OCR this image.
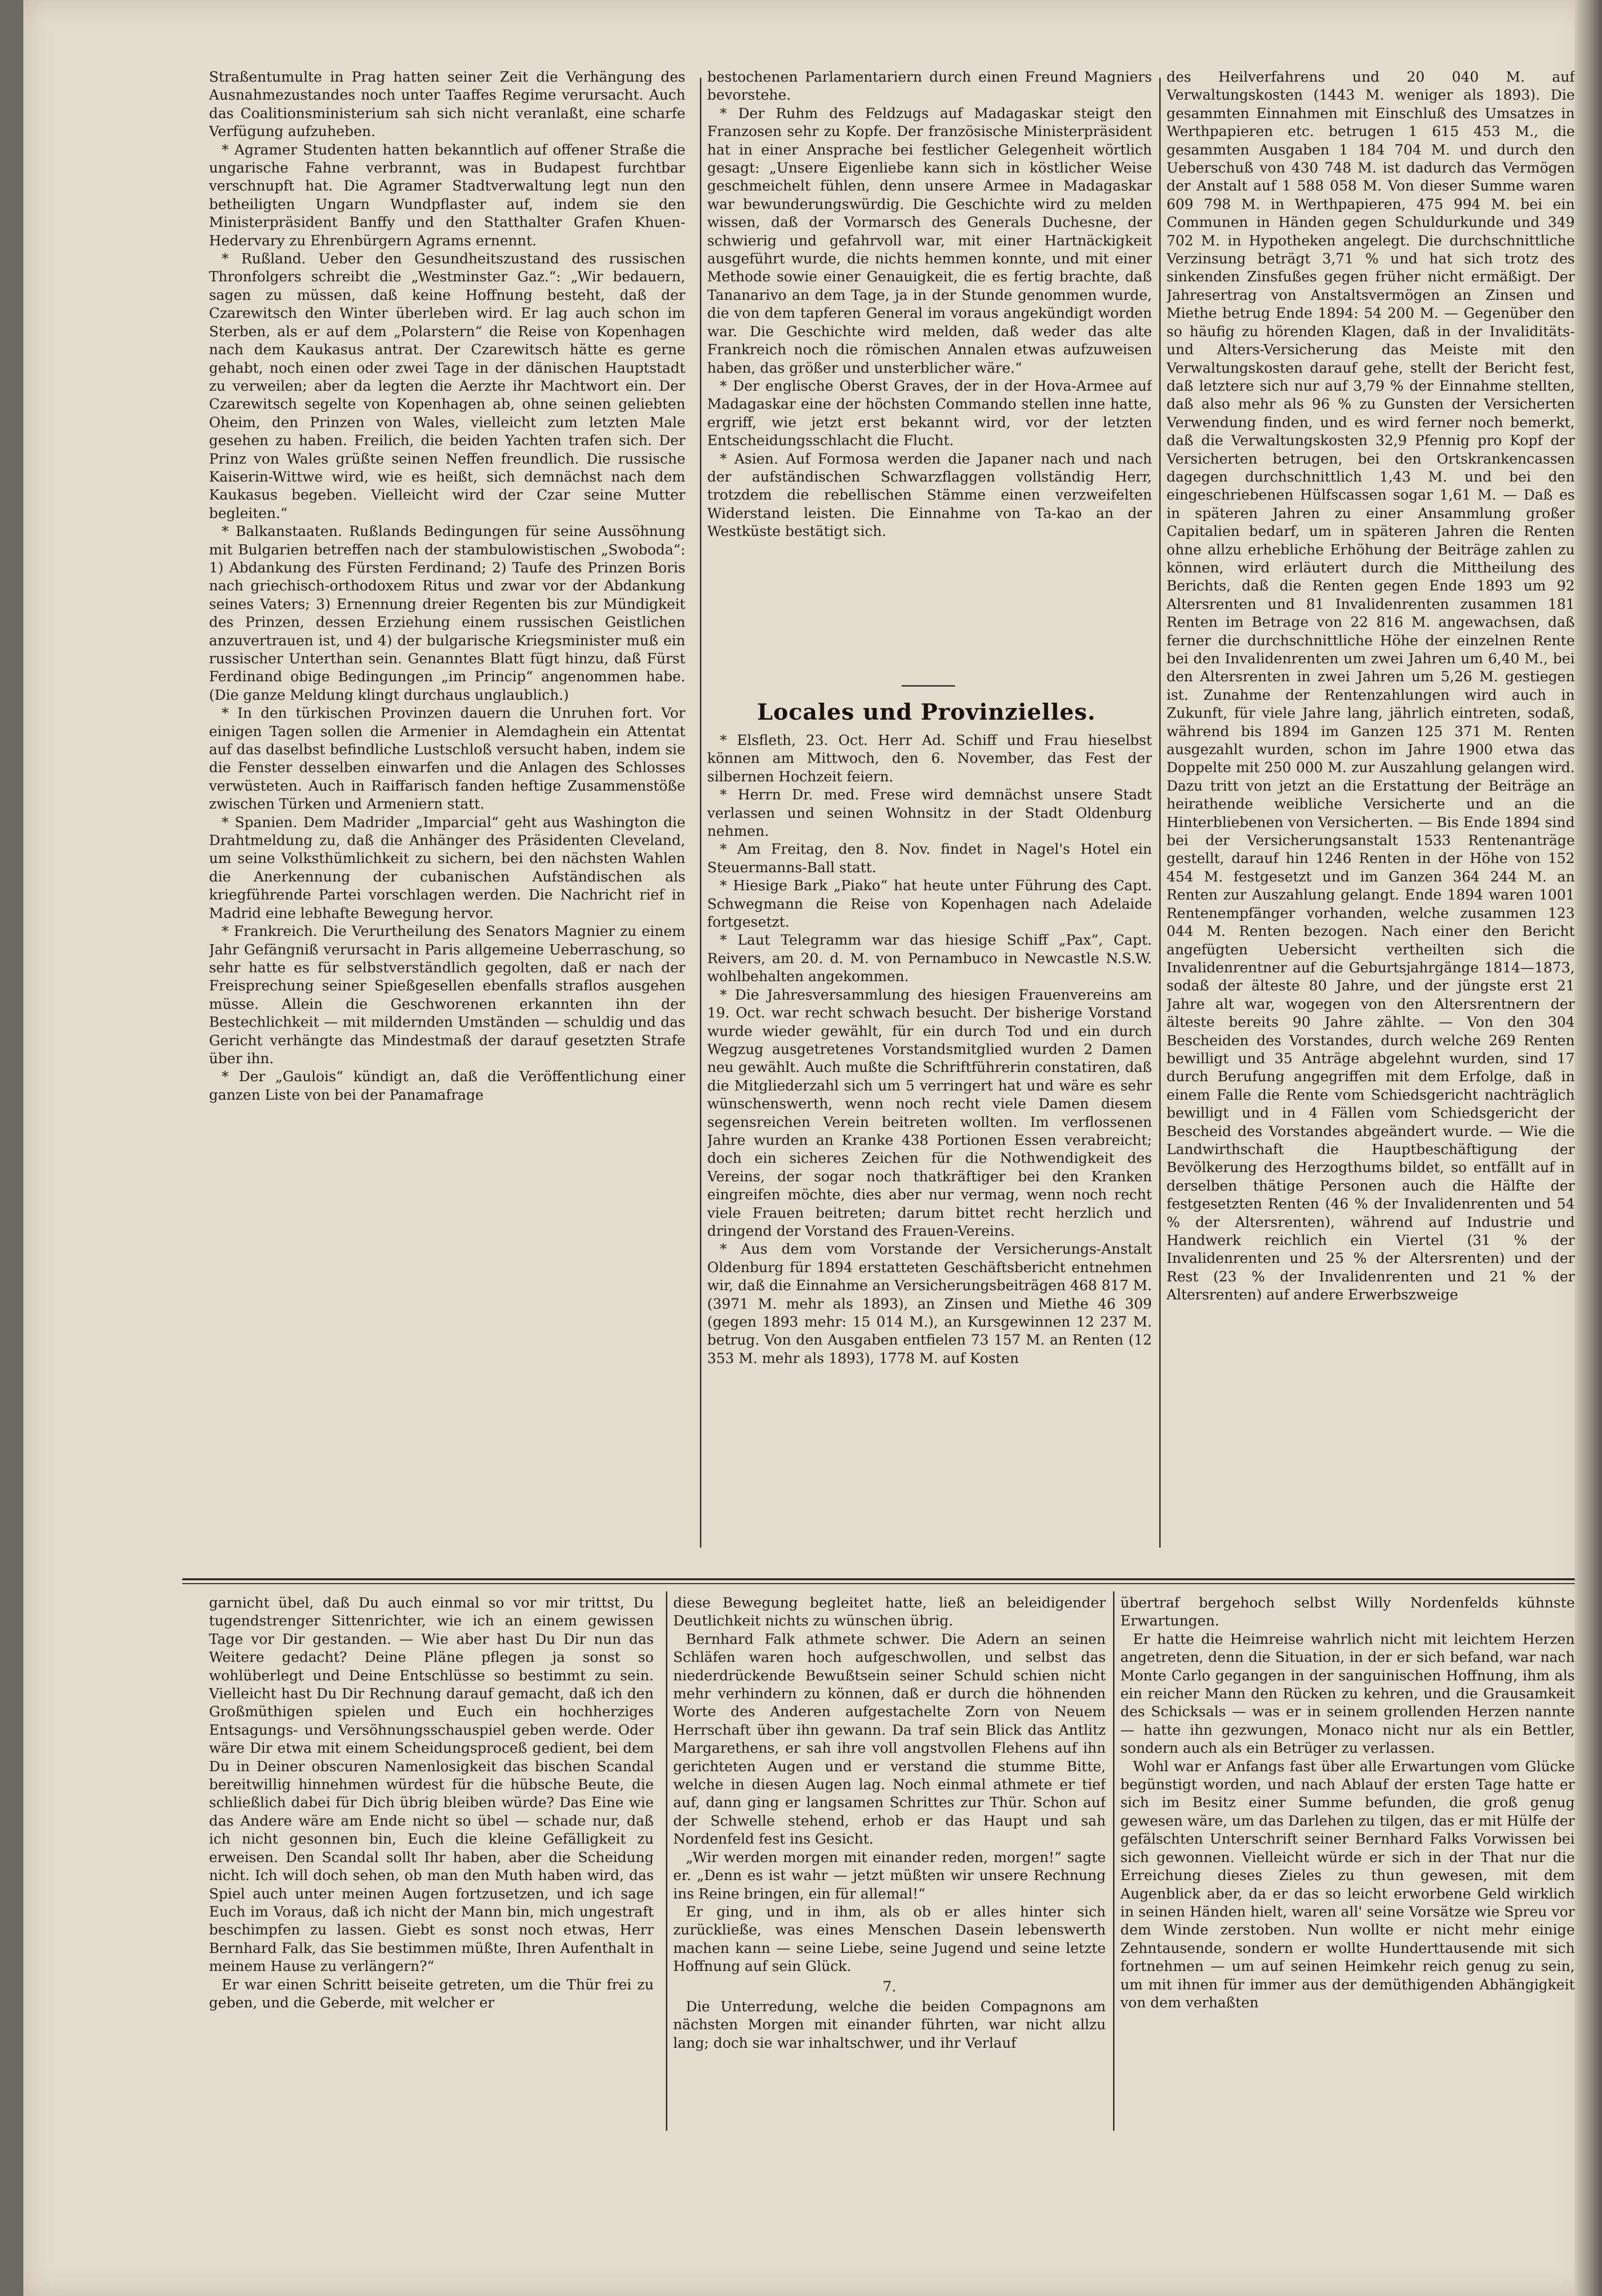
Straßentumulte in Prag hatten seiner Zeit die Verhängung des Ausnahmezustandes noch unter Taaffes Regime verursacht. Auch das Coalitionsministerium sah sich nicht veranlaßt, eine scharfe Verfügung aufzuheben.

* Agramer Studenten hatten bekanntlich auf offener Straße die ungarische Fahne verbrannt, was in Budapest furchtbar verschnupft hat. Die Agramer Stadtverwaltung legt nun den betheiligten Ungarn Wundpflaster auf, indem sie den Ministerpräsident Banffy und den Statthalter Grafen Khuen-Hedervary zu Ehrenbürgern Agrams ernennt.

* Rußland. Ueber den Gesundheitszustand des russischen Thronfolgers schreibt die „Westminster Gaz.“: „Wir bedauern, sagen zu müssen, daß keine Hoffnung besteht, daß der Czarewitsch den Winter überleben wird. Er lag auch schon im Sterben, als er auf dem „Polarstern“ die Reise von Kopenhagen nach dem Kaukasus antrat. Der Czarewitsch hätte es gerne gehabt, noch einen oder zwei Tage in der dänischen Hauptstadt zu verweilen; aber da legten die Aerzte ihr Machtwort ein. Der Czarewitsch segelte von Kopenhagen ab, ohne seinen geliebten Oheim, den Prinzen von Wales, vielleicht zum letzten Male gesehen zu haben. Freilich, die beiden Yachten trafen sich. Der Prinz von Wales grüßte seinen Neffen freundlich. Die russische Kaiserin-Wittwe wird, wie es heißt, sich demnächst nach dem Kaukasus begeben. Vielleicht wird der Czar seine Mutter begleiten.“

* Balkanstaaten. Rußlands Bedingungen für seine Aussöhnung mit Bulgarien betreffen nach der stambulowistischen „Swoboda“: 1) Abdankung des Fürsten Ferdinand; 2) Taufe des Prinzen Boris nach griechisch-orthodoxem Ritus und zwar vor der Abdankung seines Vaters; 3) Ernennung dreier Regenten bis zur Mündigkeit des Prinzen, dessen Erziehung einem russischen Geistlichen anzuvertrauen ist, und 4) der bulgarische Kriegsminister muß ein russischer Unterthan sein. Genanntes Blatt fügt hinzu, daß Fürst Ferdinand obige Bedingungen „im Princip“ angenommen habe. (Die ganze Meldung klingt durchaus unglaublich.)

* In den türkischen Provinzen dauern die Unruhen fort. Vor einigen Tagen sollen die Armenier in Alemdaghein ein Attentat auf das daselbst befindliche Lustschloß versucht haben, indem sie die Fenster desselben einwarfen und die Anlagen des Schlosses verwüsteten. Auch in Raiffarisch fanden heftige Zusammenstöße zwischen Türken und Armeniern statt.

* Spanien. Dem Madrider „Imparcial“ geht aus Washington die Drahtmeldung zu, daß die Anhänger des Präsidenten Cleveland, um seine Volksthümlichkeit zu sichern, bei den nächsten Wahlen die Anerkennung der cubanischen Aufständischen als kriegführende Partei vorschlagen werden. Die Nachricht rief in Madrid eine lebhafte Bewegung hervor.

* Frankreich. Die Verurtheilung des Senators Magnier zu einem Jahr Gefängniß verursacht in Paris allgemeine Ueberraschung, so sehr hatte es für selbstverständlich gegolten, daß er nach der Freisprechung seiner Spießgesellen ebenfalls straflos ausgehen müsse. Allein die Geschworenen erkannten ihn der Bestechlichkeit — mit mildernden Umständen — schuldig und das Gericht verhängte das Mindestmaß der darauf gesetzten Strafe über ihn.

* Der „Gaulois“ kündigt an, daß die Veröffentlichung einer ganzen Liste von bei der Panamafrage

bestochenen Parlamentariern durch einen Freund Magniers bevorstehe.

* Der Ruhm des Feldzugs auf Madagaskar steigt den Franzosen sehr zu Kopfe. Der französische Ministerpräsident hat in einer Ansprache bei festlicher Gelegenheit wörtlich gesagt: „Unsere Eigenliebe kann sich in köstlicher Weise geschmeichelt fühlen, denn unsere Armee in Madagaskar war bewunderungswürdig. Die Geschichte wird zu melden wissen, daß der Vormarsch des Generals Duchesne, der schwierig und gefahrvoll war, mit einer Hartnäckigkeit ausgeführt wurde, die nichts hemmen konnte, und mit einer Methode sowie einer Genauigkeit, die es fertig brachte, daß Tananarivo an dem Tage, ja in der Stunde genommen wurde, die von dem tapferen General im voraus angekündigt worden war. Die Geschichte wird melden, daß weder das alte Frankreich noch die römischen Annalen etwas aufzuweisen haben, das größer und unsterblicher wäre.“

* Der englische Oberst Graves, der in der Hova-Armee auf Madagaskar eine der höchsten Commando stellen inne hatte, ergriff, wie jetzt erst bekannt wird, vor der letzten Entscheidungsschlacht die Flucht.

* Asien. Auf Formosa werden die Japaner nach und nach der aufständischen Schwarzflaggen vollständig Herr, trotzdem die rebellischen Stämme einen verzweifelten Widerstand leisten. Die Einnahme von Ta-kao an der Westküste bestätigt sich.

Locales und Provinzielles.

* Elsfleth, 23. Oct. Herr Ad. Schiff und Frau hieselbst können am Mittwoch, den 6. November, das Fest der silbernen Hochzeit feiern.

* Herrn Dr. med. Frese wird demnächst unsere Stadt verlassen und seinen Wohnsitz in der Stadt Oldenburg nehmen.

* Am Freitag, den 8. Nov. findet in Nagel's Hotel ein Steuermanns-Ball statt.

* Hiesige Bark „Piako“ hat heute unter Führung des Capt. Schwegmann die Reise von Kopenhagen nach Adelaide fortgesetzt.

* Laut Telegramm war das hiesige Schiff „Pax“, Capt. Reivers, am 20. d. M. von Pernambuco in Newcastle N.S.W. wohlbehalten angekommen.

* Die Jahresversammlung des hiesigen Frauenvereins am 19. Oct. war recht schwach besucht. Der bisherige Vorstand wurde wieder gewählt, für ein durch Tod und ein durch Wegzug ausgetretenes Vorstandsmitglied wurden 2 Damen neu gewählt. Auch mußte die Schriftführerin constatiren, daß die Mitgliederzahl sich um 5 verringert hat und wäre es sehr wünschenswerth, wenn noch recht viele Damen diesem segensreichen Verein beitreten wollten. Im verflossenen Jahre wurden an Kranke 438 Portionen Essen verabreicht; doch ein sicheres Zeichen für die Nothwendigkeit des Vereins, der sogar noch thatkräftiger bei den Kranken eingreifen möchte, dies aber nur vermag, wenn noch recht viele Frauen beitreten; darum bittet recht herzlich und dringend der Vorstand des Frauen-Vereins.

* Aus dem vom Vorstande der Versicherungs-Anstalt Oldenburg für 1894 erstatteten Geschäftsbericht entnehmen wir, daß die Einnahme an Versicherungsbeiträgen 468 817 M. (3971 M. mehr als 1893), an Zinsen und Miethe 46 309 (gegen 1893 mehr: 15 014 M.), an Kursgewinnen 12 237 M. betrug. Von den Ausgaben entfielen 73 157 M. an Renten (12 353 M. mehr als 1893), 1778 M. auf Kosten

des Heilverfahrens und 20 040 M. auf Verwaltungskosten (1443 M. weniger als 1893). Die gesammten Einnahmen mit Einschluß des Umsatzes in Werthpapieren etc. betrugen 1 615 453 M., die gesammten Ausgaben 1 184 704 M. und durch den Ueberschuß von 430 748 M. ist dadurch das Vermögen der Anstalt auf 1 588 058 M. Von dieser Summe waren 609 798 M. in Werthpapieren, 475 994 M. bei ein Communen in Händen gegen Schuldurkunde und 349 702 M. in Hypotheken angelegt. Die durchschnittliche Verzinsung beträgt 3,71 % und hat sich trotz des sinkenden Zinsfußes gegen früher nicht ermäßigt. Der Jahresertrag von Anstaltsvermögen an Zinsen und Miethe betrug Ende 1894: 54 200 M. — Gegenüber den so häufig zu hörenden Klagen, daß in der Invaliditäts- und Alters-Versicherung das Meiste mit den Verwaltungskosten darauf gehe, stellt der Bericht fest, daß letztere sich nur auf 3,79 % der Einnahme stellten, daß also mehr als 96 % zu Gunsten der Versicherten Verwendung finden, und es wird ferner noch bemerkt, daß die Verwaltungskosten 32,9 Pfennig pro Kopf der Versicherten betrugen, bei den Ortskrankencassen dagegen durchschnittlich 1,43 M. und bei den eingeschriebenen Hülfscassen sogar 1,61 M. — Daß es in späteren Jahren zu einer Ansammlung großer Capitalien bedarf, um in späteren Jahren die Renten ohne allzu erhebliche Erhöhung der Beiträge zahlen zu können, wird erläutert durch die Mittheilung des Berichts, daß die Renten gegen Ende 1893 um 92 Altersrenten und 81 Invalidenrenten zusammen 181 Renten im Betrage von 22 816 M. angewachsen, daß ferner die durchschnittliche Höhe der einzelnen Rente bei den Invalidenrenten um zwei Jahren um 6,40 M., bei den Altersrenten in zwei Jahren um 5,26 M. gestiegen ist. Zunahme der Rentenzahlungen wird auch in Zukunft, für viele Jahre lang, jährlich eintreten, sodaß, während bis 1894 im Ganzen 125 371 M. Renten ausgezahlt wurden, schon im Jahre 1900 etwa das Doppelte mit 250 000 M. zur Auszahlung gelangen wird. Dazu tritt von jetzt an die Erstattung der Beiträge an heirathende weibliche Versicherte und an die Hinterbliebenen von Versicherten. — Bis Ende 1894 sind bei der Versicherungsanstalt 1533 Rentenanträge gestellt, darauf hin 1246 Renten in der Höhe von 152 454 M. festgesetzt und im Ganzen 364 244 M. an Renten zur Auszahlung gelangt. Ende 1894 waren 1001 Rentenempfänger vorhanden, welche zusammen 123 044 M. Renten bezogen. Nach einer den Bericht angefügten Uebersicht vertheilten sich die Invalidenrentner auf die Geburtsjahrgänge 1814—1873, sodaß der älteste 80 Jahre, und der jüngste erst 21 Jahre alt war, wogegen von den Altersrentnern der älteste bereits 90 Jahre zählte. — Von den 304 Bescheiden des Vorstandes, durch welche 269 Renten bewilligt und 35 Anträge abgelehnt wurden, sind 17 durch Berufung angegriffen mit dem Erfolge, daß in einem Falle die Rente vom Schiedsgericht nachträglich bewilligt und in 4 Fällen vom Schiedsgericht der Bescheid des Vorstandes abgeändert wurde. — Wie die Landwirthschaft die Hauptbeschäftigung der Bevölkerung des Herzogthums bildet, so entfällt auf in derselben thätige Personen auch die Hälfte der festgesetzten Renten (46 % der Invalidenrenten und 54 % der Altersrenten), während auf Industrie und Handwerk reichlich ein Viertel (31 % der Invalidenrenten und 25 % der Altersrenten) und der Rest (23 % der Invalidenrenten und 21 % der Altersrenten) auf andere Erwerbszweige

garnicht übel, daß Du auch einmal so vor mir trittst, Du tugendstrenger Sittenrichter, wie ich an einem gewissen Tage vor Dir gestanden. — Wie aber hast Du Dir nun das Weitere gedacht? Deine Pläne pflegen ja sonst so wohlüberlegt und Deine Entschlüsse so bestimmt zu sein. Vielleicht hast Du Dir Rechnung darauf gemacht, daß ich den Großmüthigen spielen und Euch ein hochherziges Entsagungs- und Versöhnungsschauspiel geben werde. Oder wäre Dir etwa mit einem Scheidungsproceß gedient, bei dem Du in Deiner obscuren Namenlosigkeit das bischen Scandal bereitwillig hinnehmen würdest für die hübsche Beute, die schließlich dabei für Dich übrig bleiben würde? Das Eine wie das Andere wäre am Ende nicht so übel — schade nur, daß ich nicht gesonnen bin, Euch die kleine Gefälligkeit zu erweisen. Den Scandal sollt Ihr haben, aber die Scheidung nicht. Ich will doch sehen, ob man den Muth haben wird, das Spiel auch unter meinen Augen fortzusetzen, und ich sage Euch im Voraus, daß ich nicht der Mann bin, mich ungestraft beschimpfen zu lassen. Giebt es sonst noch etwas, Herr Bernhard Falk, das Sie bestimmen müßte, Ihren Aufenthalt in meinem Hause zu verlängern?“

Er war einen Schritt beiseite getreten, um die Thür frei zu geben, und die Geberde, mit welcher er

diese Bewegung begleitet hatte, ließ an beleidigender Deutlichkeit nichts zu wünschen übrig.

Bernhard Falk athmete schwer. Die Adern an seinen Schläfen waren hoch aufgeschwollen, und selbst das niederdrückende Bewußtsein seiner Schuld schien nicht mehr verhindern zu können, daß er durch die höhnenden Worte des Anderen aufgestachelte Zorn von Neuem Herrschaft über ihn gewann. Da traf sein Blick das Antlitz Margarethens, er sah ihre voll angstvollen Flehens auf ihn gerichteten Augen und er verstand die stumme Bitte, welche in diesen Augen lag. Noch einmal athmete er tief auf, dann ging er langsamen Schrittes zur Thür. Schon auf der Schwelle stehend, erhob er das Haupt und sah Nordenfeld fest ins Gesicht.

„Wir werden morgen mit einander reden, morgen!“ sagte er. „Denn es ist wahr — jetzt müßten wir unsere Rechnung ins Reine bringen, ein für allemal!“

Er ging, und in ihm, als ob er alles hinter sich zurückließe, was eines Menschen Dasein lebenswerth machen kann — seine Liebe, seine Jugend und seine letzte Hoffnung auf sein Glück.

7.

Die Unterredung, welche die beiden Compagnons am nächsten Morgen mit einander führten, war nicht allzu lang; doch sie war inhaltschwer, und ihr Verlauf

übertraf bergehoch selbst Willy Nordenfelds kühnste Erwartungen.

Er hatte die Heimreise wahrlich nicht mit leichtem Herzen angetreten, denn die Situation, in der er sich befand, war nach Monte Carlo gegangen in der sanguinischen Hoffnung, ihm als ein reicher Mann den Rücken zu kehren, und die Grausamkeit des Schicksals — was er in seinem grollenden Herzen nannte — hatte ihn gezwungen, Monaco nicht nur als ein Bettler, sondern auch als ein Betrüger zu verlassen.

Wohl war er Anfangs fast über alle Erwartungen vom Glücke begünstigt worden, und nach Ablauf der ersten Tage hatte er sich im Besitz einer Summe befunden, die groß genug gewesen wäre, um das Darlehen zu tilgen, das er mit Hülfe der gefälschten Unterschrift seiner Bernhard Falks Vorwissen bei sich gewonnen. Vielleicht würde er sich in der That nur die Erreichung dieses Zieles zu thun gewesen, mit dem Augenblick aber, da er das so leicht erworbene Geld wirklich in seinen Händen hielt, waren all' seine Vorsätze wie Spreu vor dem Winde zerstoben. Nun wollte er nicht mehr einige Zehntausende, sondern er wollte Hunderttausende mit sich fortnehmen — um auf seinen Heimkehr reich genug zu sein, um mit ihnen für immer aus der demüthigenden Abhängigkeit von dem verhaßten
